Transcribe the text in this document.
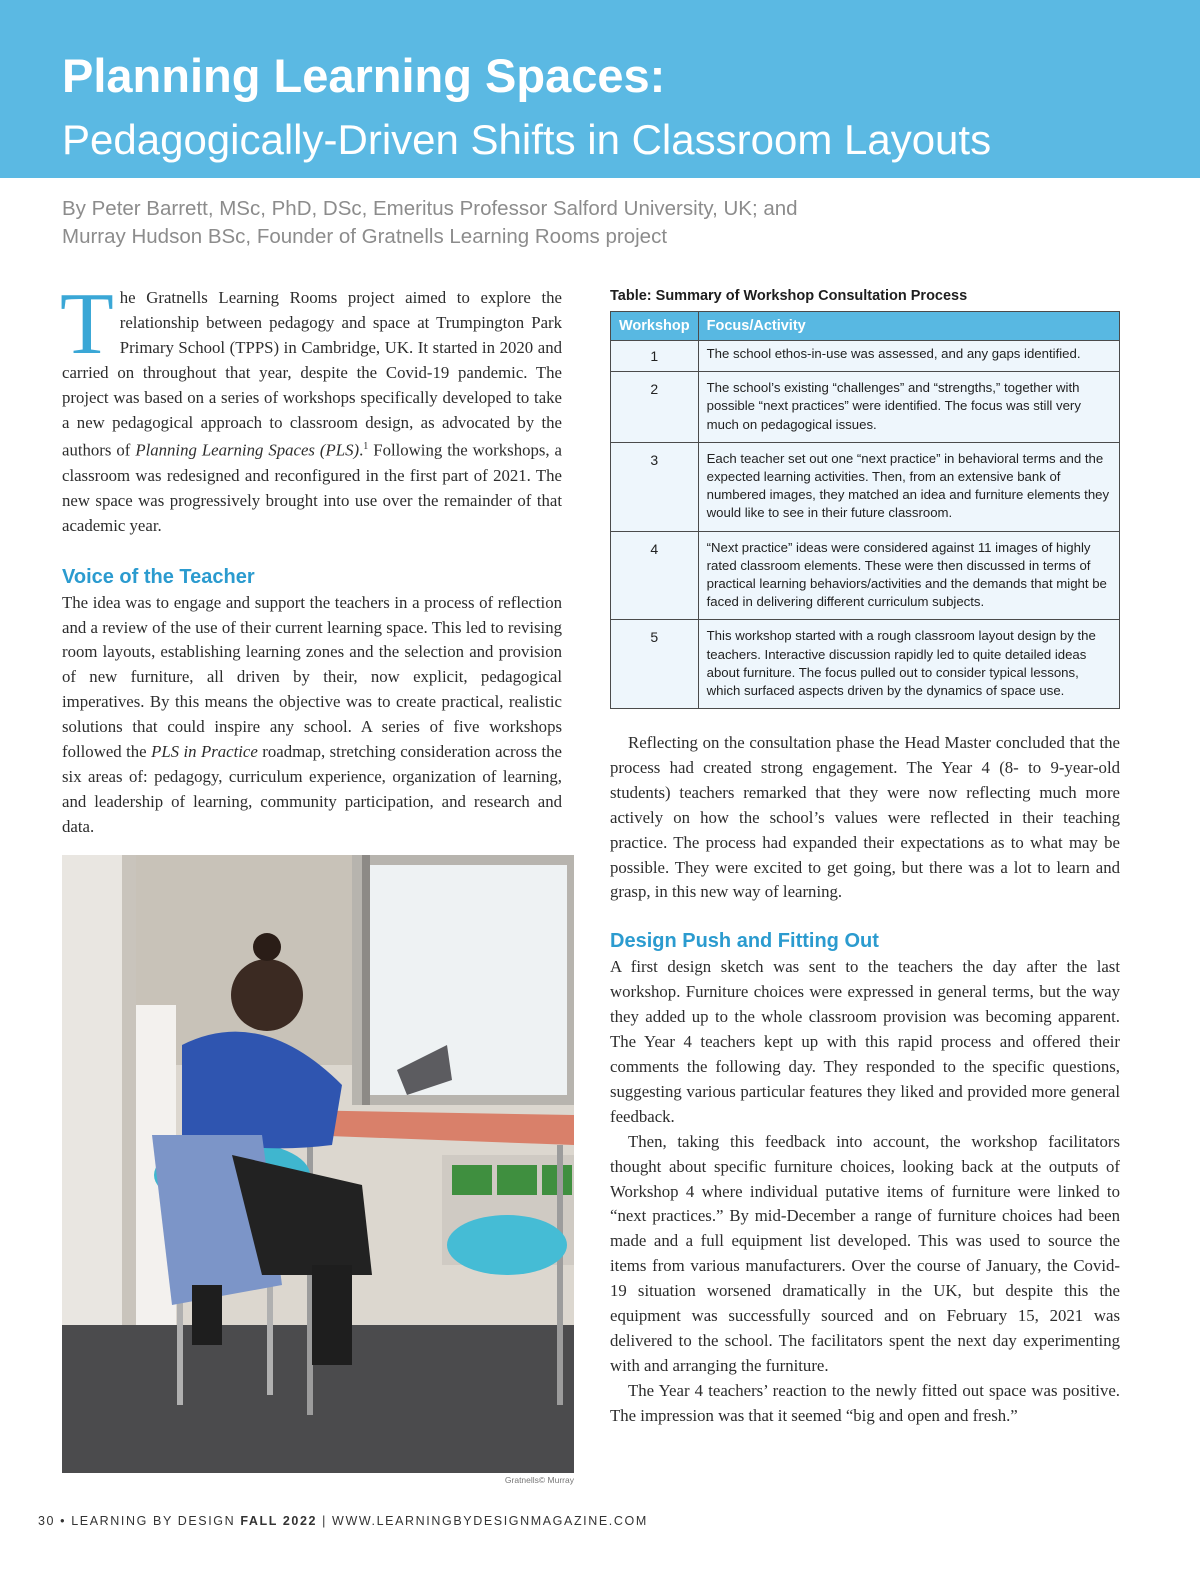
Planning Learning Spaces:
Pedagogically-Driven Shifts in Classroom Layouts
By Peter Barrett, MSc, PhD, DSc, Emeritus Professor Salford University, UK; and
Murray Hudson BSc, Founder of Gratnells Learning Rooms project

The Gratnells Learning Rooms project aimed to explore the relationship between pedagogy and space at Trumpington Park Primary School (TPPS) in Cambridge, UK. It started in 2020 and carried on throughout that year, despite the Covid-19 pandemic. The project was based on a series of workshops specifically developed to take a new pedagogical approach to classroom design, as advocated by the authors of Planning Learning Spaces (PLS).$^1$ Following the workshops, a classroom was redesigned and reconfigured in the first part of 2021. The new space was progressively brought into use over the remainder of that academic year.

Voice of the Teacher

The idea was to engage and support the teachers in a process of reflection and a review of the use of their current learning space. This led to revising room layouts, establishing learning zones and the selection and provision of new furniture, all driven by their, now explicit, pedagogical imperatives. By this means the objective was to create practical, realistic solutions that could inspire any school. A series of five workshops followed the PLS in Practice roadmap, stretching consideration across the six areas of: pedagogy, curriculum experience, organization of learning, and leadership of learning, community participation, and research and data.

Gratnells© Murray
Table: Summary of Workshop Consultation Process
Workshop	Focus/Activity
1	The school ethos-in-use was assessed, and any gaps identified.
2	The school’s existing “challenges” and “strengths,” together with possible “next practices” were identified. The focus was still very much on pedagogical issues.
3	Each teacher set out one “next practice” in behavioral terms and the expected learning activities. Then, from an extensive bank of numbered images, they matched an idea and furniture elements they would like to see in their future classroom.
4	“Next practice” ideas were considered against 11 images of highly rated classroom elements. These were then discussed in terms of practical learning behaviors/activities and the demands that might be faced in delivering different curriculum subjects.
5	This workshop started with a rough classroom layout design by the teachers. Interactive discussion rapidly led to quite detailed ideas about furniture. The focus pulled out to consider typical lessons, which surfaced aspects driven by the dynamics of space use.

Reflecting on the consultation phase the Head Master concluded that the process had created strong engagement. The Year 4 (8- to 9-year-old students) teachers remarked that they were now reflecting much more actively on how the school’s values were reflected in their teaching practice. The process had expanded their expectations as to what may be possible. They were excited to get going, but there was a lot to learn and grasp, in this new way of learning.

Design Push and Fitting Out

A first design sketch was sent to the teachers the day after the last workshop. Furniture choices were expressed in general terms, but the way they added up to the whole classroom provision was becoming apparent. The Year 4 teachers kept up with this rapid process and offered their comments the following day. They responded to the specific questions, suggesting various particular features they liked and provided more general feedback.

Then, taking this feedback into account, the workshop facilitators thought about specific furniture choices, looking back at the outputs of Workshop 4 where individual putative items of furniture were linked to “next practices.” By mid-December a range of furniture choices had been made and a full equipment list developed. This was used to source the items from various manufacturers. Over the course of January, the Covid-19 situation worsened dramatically in the UK, but despite this the equipment was successfully sourced and on February 15, 2021 was delivered to the school. The facilitators spent the next day experimenting with and arranging the furniture.

The Year 4 teachers’ reaction to the newly fitted out space was positive. The impression was that it seemed “big and open and fresh.”

30 • LEARNING BY DESIGN FALL 2022 | WWW.LEARNINGBYDESIGNMAGAZINE.COM
